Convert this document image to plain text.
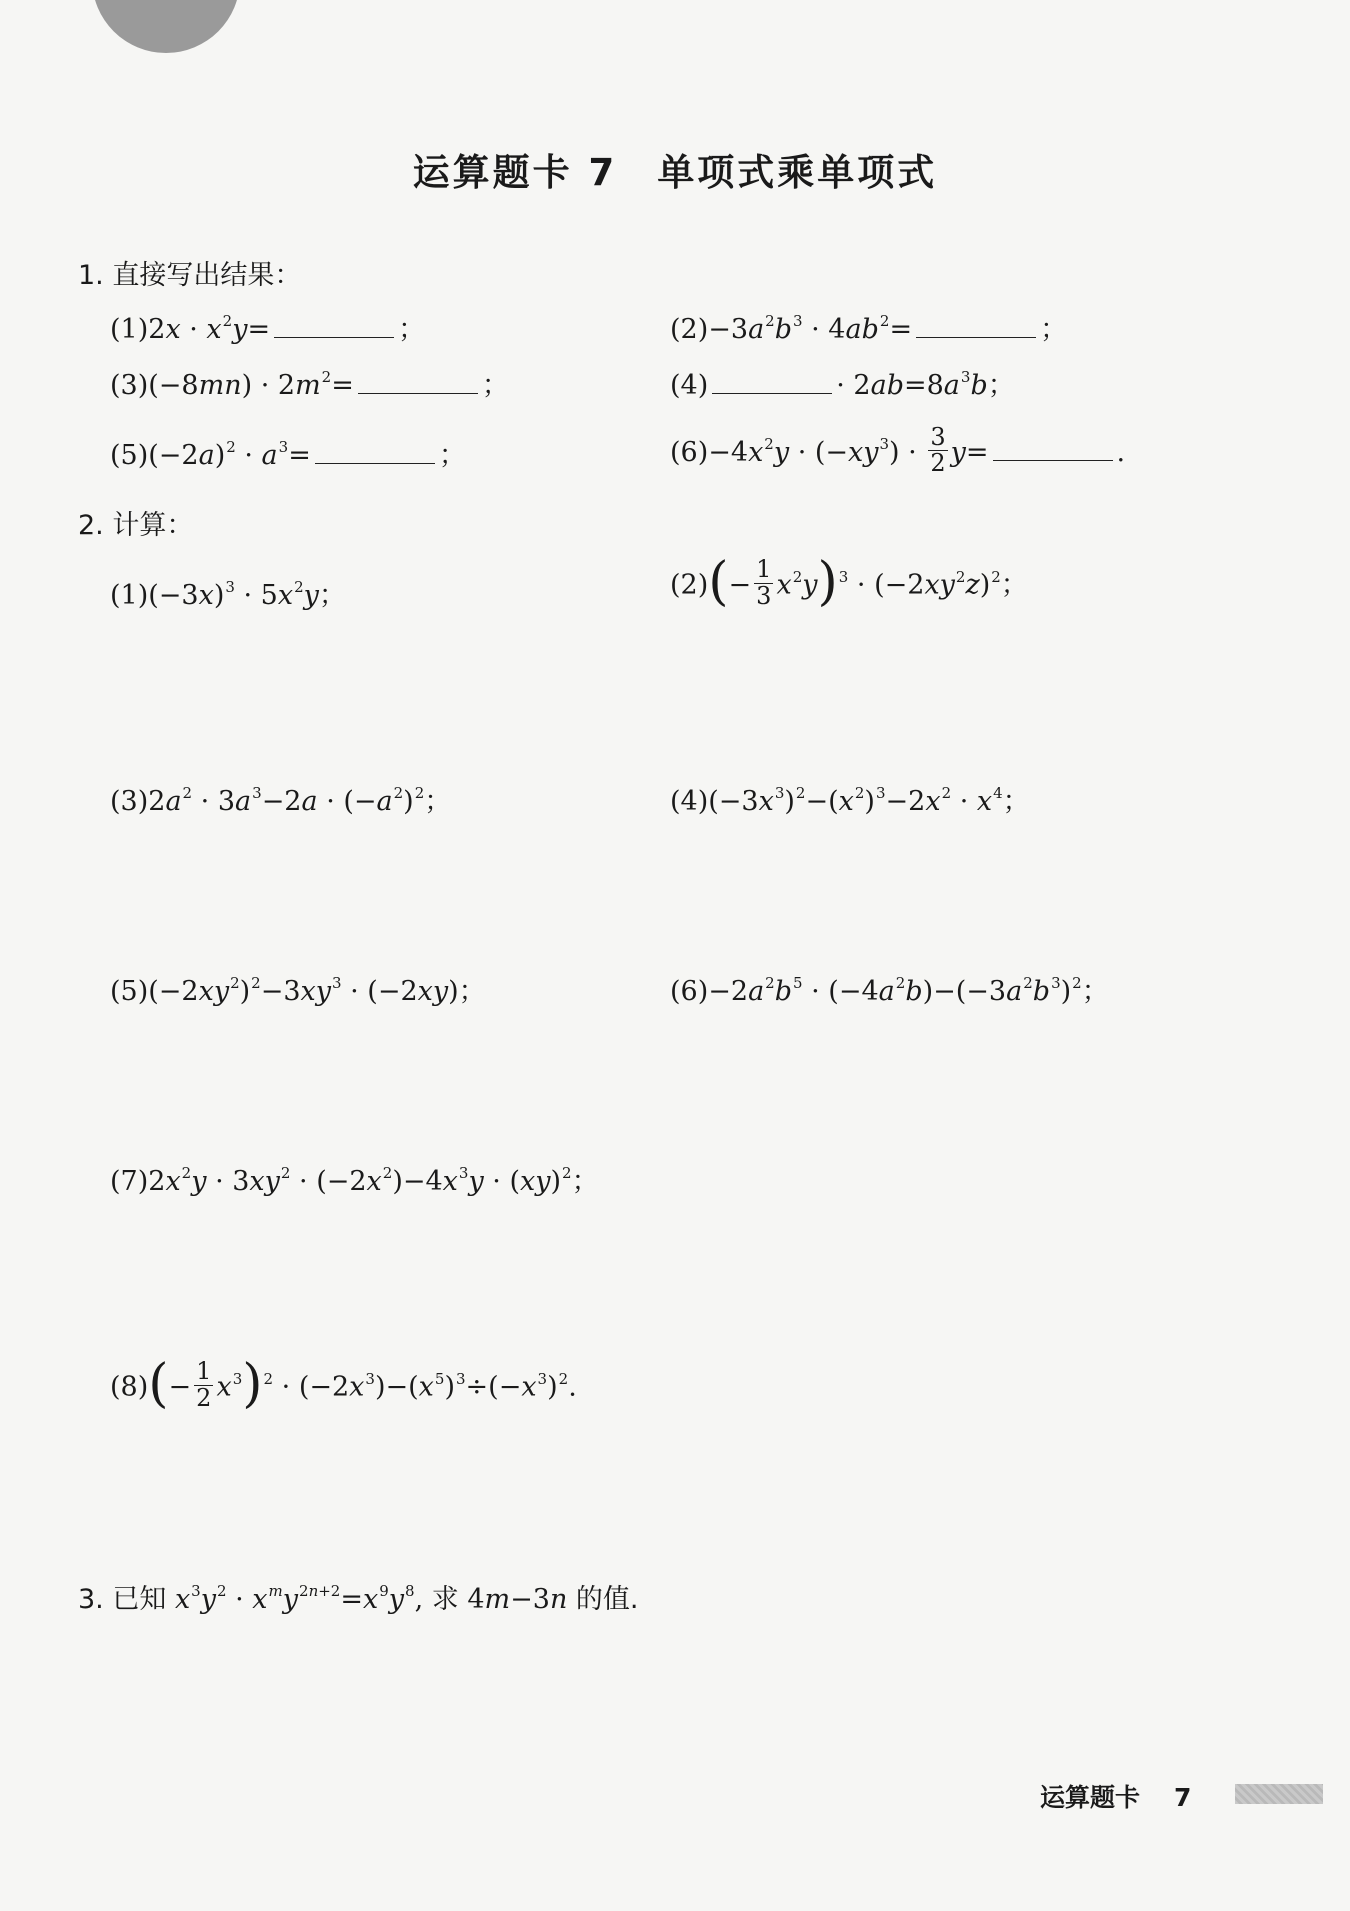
运算题卡 7 单项式乘单项式
1. 直接写出结果：
$(1)2x \cdot x^2y=$	；	$(2)-3a^2b^3 \cdot 4ab^2=$	；
$(3)(-8mn) \cdot 2m^2=$	；	(4)	· $2ab=8a^3b$；
$(5)(-2a)^2 \cdot a^3=$	；	$(6)-4x^2y \cdot (-xy^3) \cdot \frac{3}{2} y=$	.
2. 计算：
$(1)(-3x)^3 \cdot 5x^2y$；	$(2)(- \frac{1}{3} x^2y)^3 \cdot (-2xy^2z)^2$；
$(3)2a^2 \cdot 3a^3-2a \cdot (-a^2)^2$；	$(4)(-3x^3)^2-(x^2)^3-2x^2 \cdot x^4$；
$(5)(-2xy^2)^2-3xy^3 \cdot (-2xy)$；	$(6)-2a^2b^5 \cdot (-4a^2b)-(-3a^2b^3)^2$；
$(7)2x^2y \cdot 3xy^2 \cdot (-2x^2)-4x^3y \cdot (xy)^2$；
$(8)(- \frac{1}{2} x^3)^2 \cdot (-2x^3)-(x^5)^3\div(-x^3)^2$.
3. 已知 $x^3y^2 \cdot x^my^{2n+2}=x^9y^8$, 求 4m−3n 的值.
运算题卡 7
